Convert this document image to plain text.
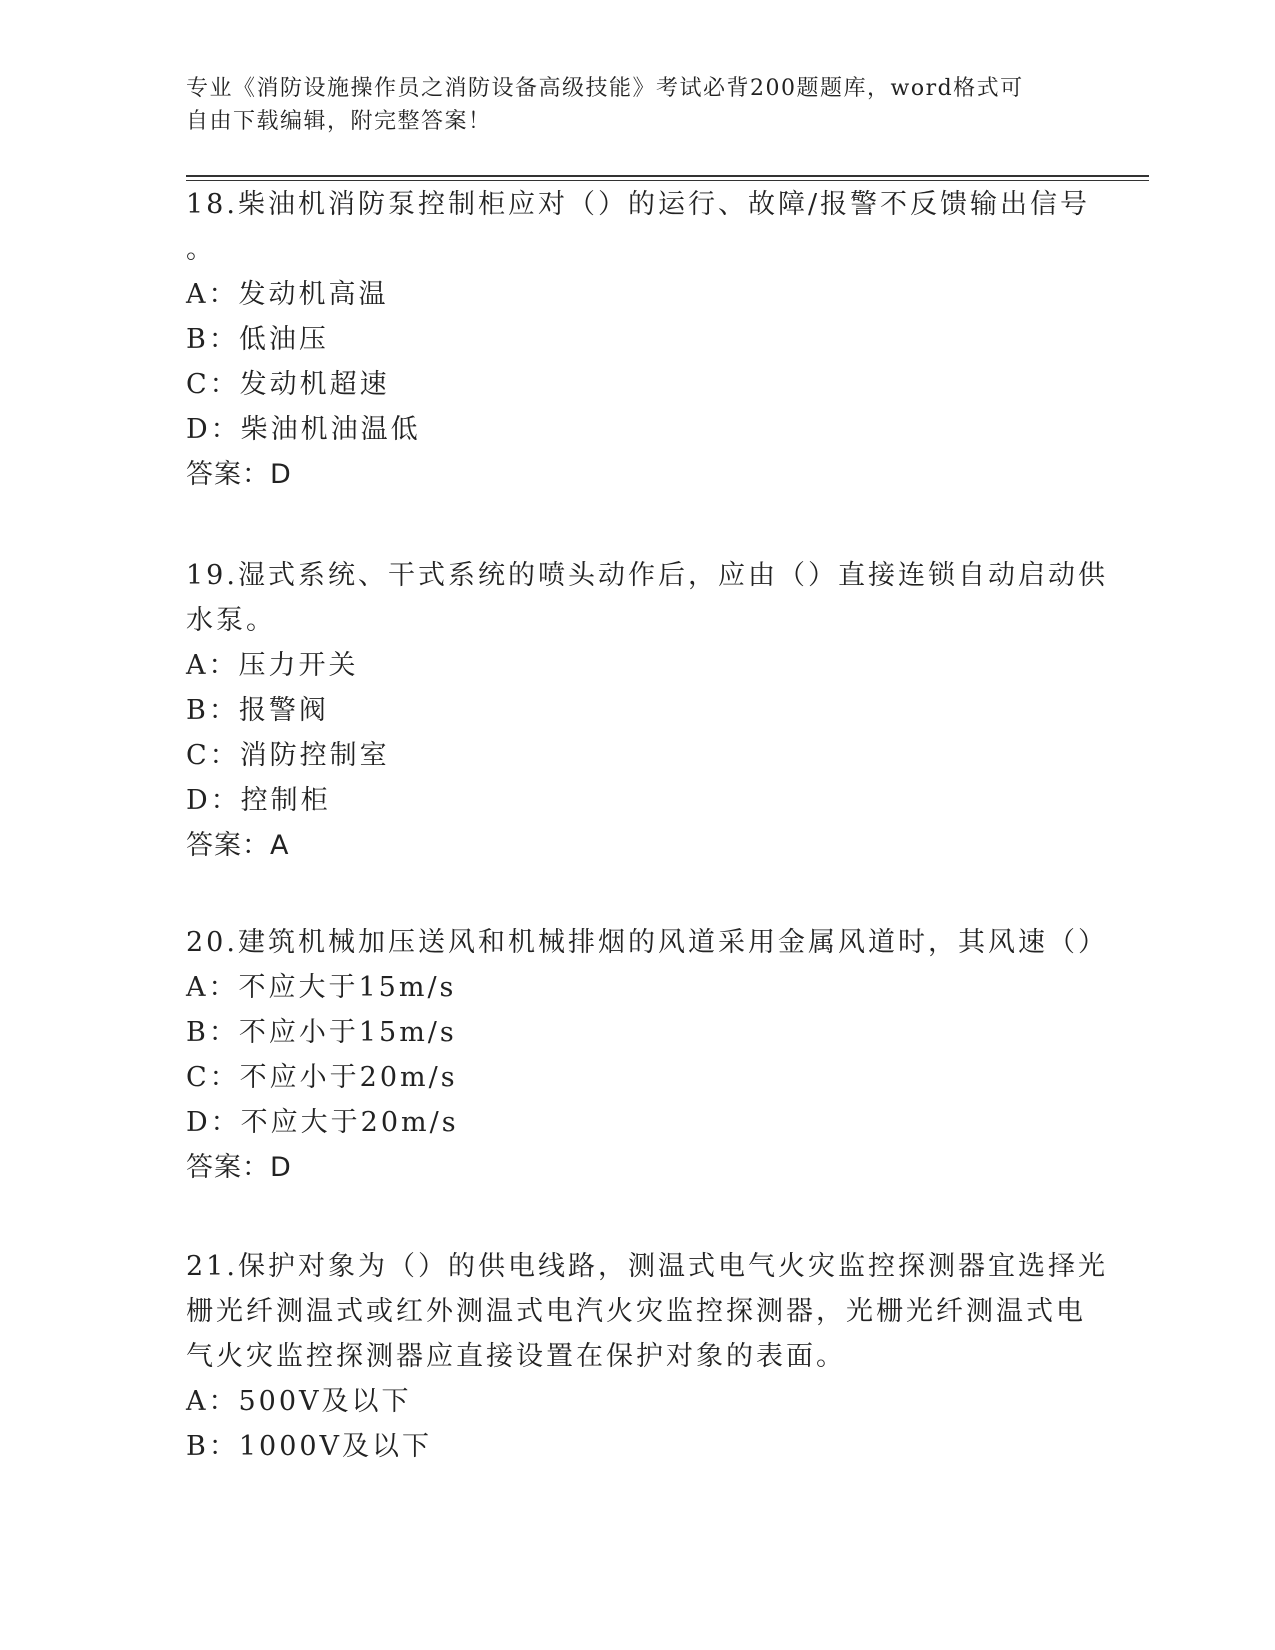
专业《消防设施操作员之消防设备高级技能》考试必背200题题库，word格式可
自由下载编辑，附完整答案！
18.柴油机消防泵控制柜应对（）的运行、故障/报警不反馈输出信号
。
A：发动机高温
B：低油压
C：发动机超速
D：柴油机油温低
答案：D
19.湿式系统、干式系统的喷头动作后，应由（）直接连锁自动启动供
水泵。
A：压力开关
B：报警阀
C：消防控制室
D：控制柜
答案：A
20.建筑机械加压送风和机械排烟的风道采用金属风道时，其风速（）
A：不应大于15m/s
B：不应小于15m/s
C：不应小于20m/s
D：不应大于20m/s
答案：D
21.保护对象为（）的供电线路，测温式电气火灾监控探测器宜选择光
栅光纤测温式或红外测温式电汽火灾监控探测器，光栅光纤测温式电
气火灾监控探测器应直接设置在保护对象的表面。
A：500V及以下
B：1000V及以下
